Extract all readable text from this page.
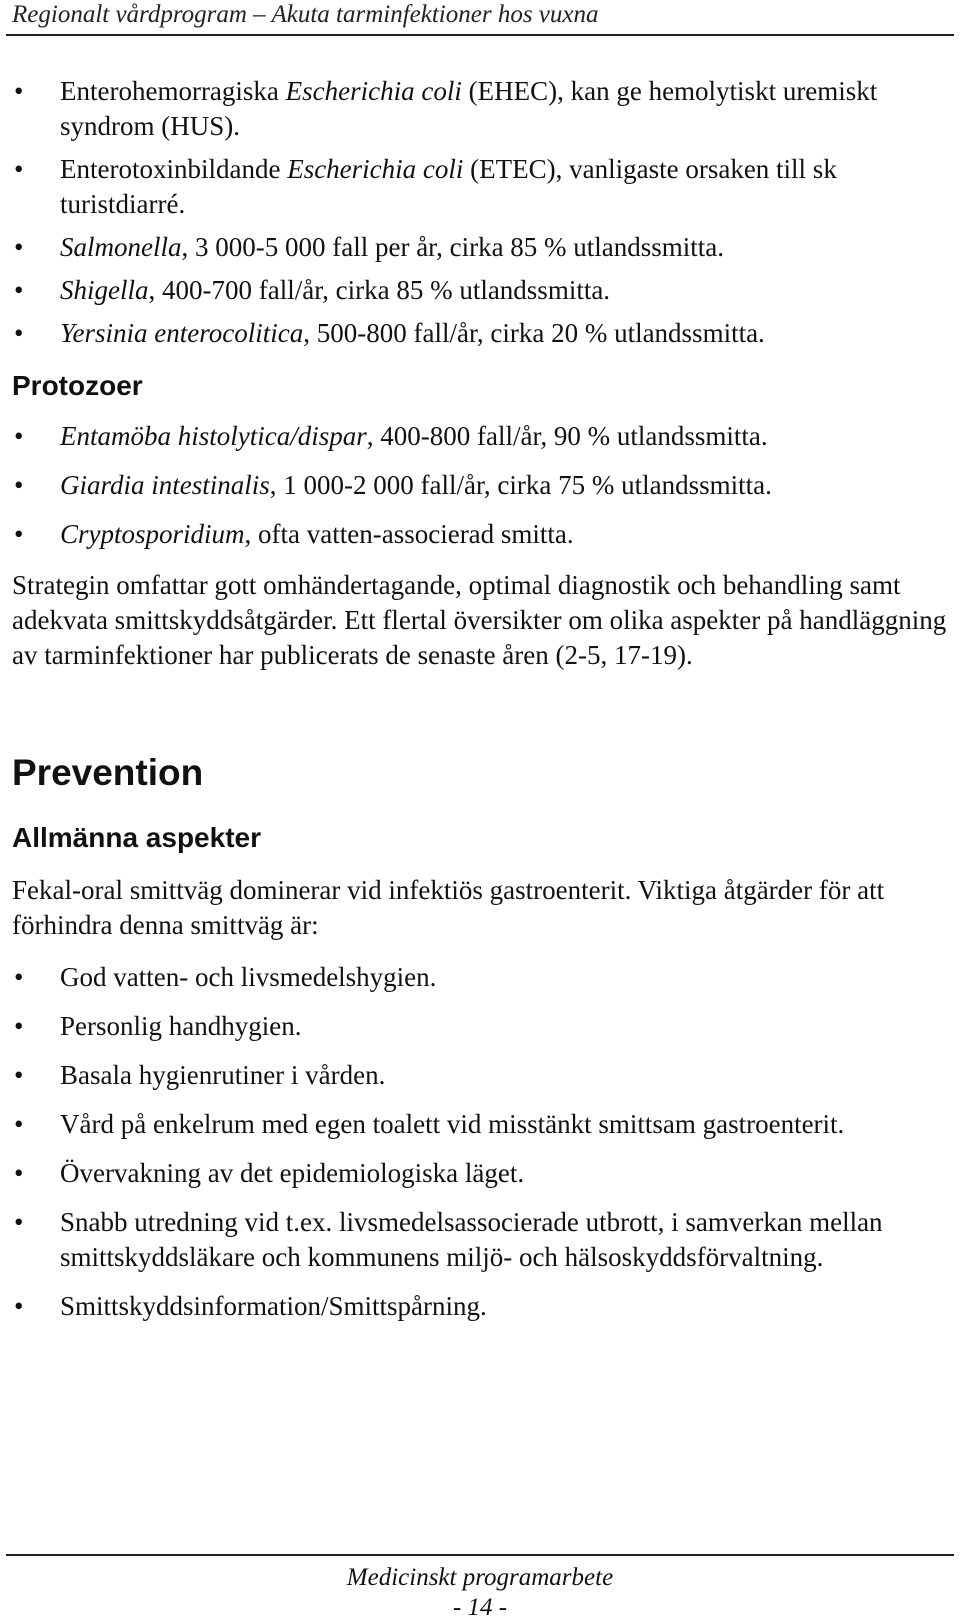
Regionalt vårdprogram – Akuta tarminfektioner hos vuxna
• Enterohemorragiska Escherichia coli (EHEC), kan ge hemolytiskt uremiskt syndrom (HUS).
• Enterotoxinbildande Escherichia coli (ETEC), vanligaste orsaken till sk turistdiarré.
• Salmonella, 3 000-5 000 fall per år, cirka 85 % utlandssmitta.
• Shigella, 400-700 fall/år, cirka 85 % utlandssmitta.
• Yersinia enterocolitica, 500-800 fall/år, cirka 20 % utlandssmitta.
Protozoer
• Entamöba histolytica/dispar, 400-800 fall/år, 90 % utlandssmitta.
• Giardia intestinalis, 1 000-2 000 fall/år, cirka 75 % utlandssmitta.
• Cryptosporidium, ofta vatten-associerad smitta.

Strategin omfattar gott omhändertagande, optimal diagnostik och behandling samt adekvata smittskyddsåtgärder. Ett flertal översikter om olika aspekter på handläggning av tarminfektioner har publicerats de senaste åren (2-5, 17-19).

Prevention
Allmänna aspekter

Fekal-oral smittväg dominerar vid infektiös gastroenterit. Viktiga åtgärder för att förhindra denna smittväg är:

• God vatten- och livsmedelshygien.
• Personlig handhygien.
• Basala hygienrutiner i vården.
• Vård på enkelrum med egen toalett vid misstänkt smittsam gastroenterit.
• Övervakning av det epidemiologiska läget.
• Snabb utredning vid t.ex. livsmedelsassocierade utbrott, i samverkan mellan smittskyddsläkare och kommunens miljö- och hälsoskyddsförvaltning.
• Smittskyddsinformation/Smittspårning.
Medicinskt programarbete
- 14 -
